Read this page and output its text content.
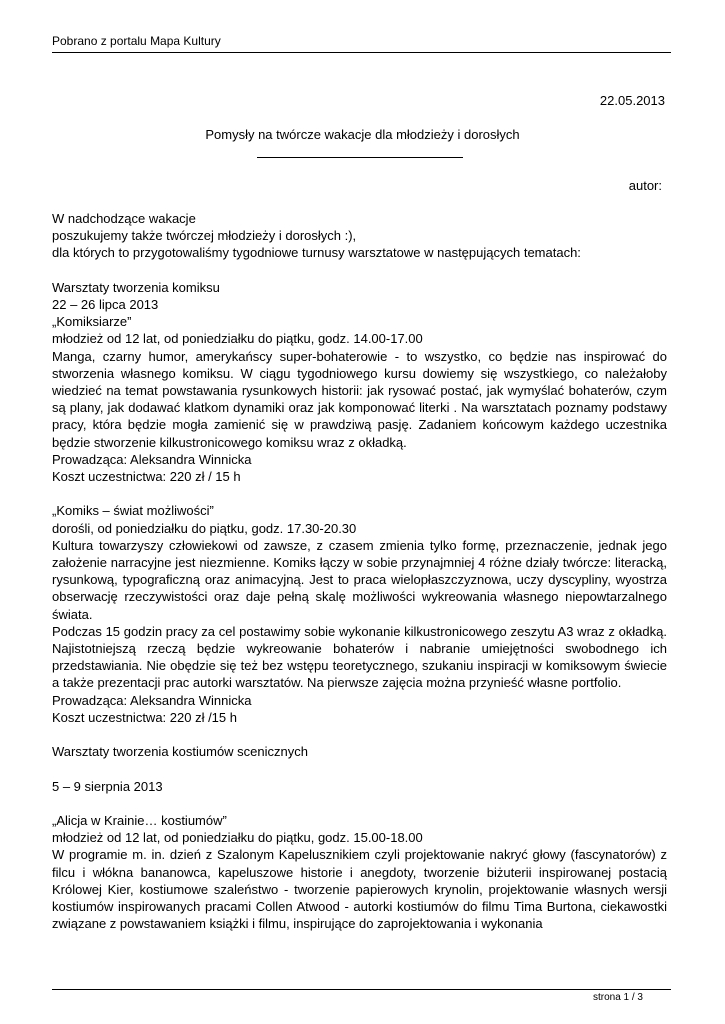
Pobrano z portalu Mapa Kultury
22.05.2013
Pomysły na twórcze wakacje dla młodzieży i dorosłych
autor:

W nadchodzące wakacje

poszukujemy także twórczej młodzieży i dorosłych :),

dla których to przygotowaliśmy tygodniowe turnusy warsztatowe w następujących tematach:

Warsztaty tworzenia komiksu

22 – 26 lipca 2013

„Komiksiarze”

młodzież od 12 lat, od poniedziałku do piątku, godz. 14.00-17.00

Manga, czarny humor, amerykańscy super-bohaterowie - to wszystko, co będzie nas inspirować do stworzenia własnego komiksu. W ciągu tygodniowego kursu dowiemy się wszystkiego, co należałoby wiedzieć na temat powstawania rysunkowych historii: jak rysować postać, jak wymyślać bohaterów, czym są plany, jak dodawać klatkom dynamiki oraz jak komponować literki . Na warsztatach poznamy podstawy pracy, która będzie mogła zamienić się w prawdziwą pasję. Zadaniem końcowym każdego uczestnika będzie stworzenie kilkustronicowego komiksu wraz z okładką.

Prowadząca: Aleksandra Winnicka

Koszt uczestnictwa: 220 zł / 15 h

„Komiks – świat możliwości”

dorośli, od poniedziałku do piątku, godz. 17.30-20.30

Kultura towarzyszy człowiekowi od zawsze, z czasem zmienia tylko formę, przeznaczenie, jednak jego założenie narracyjne jest niezmienne. Komiks łączy w sobie przynajmniej 4 różne działy twórcze: literacką, rysunkową, typograficzną oraz animacyjną. Jest to praca wielopłaszczyznowa, uczy dyscypliny, wyostrza obserwację rzeczywistości oraz daje pełną skalę możliwości wykreowania własnego niepowtarzalnego świata.

Podczas 15 godzin pracy za cel postawimy sobie wykonanie kilkustronicowego zeszytu A3 wraz z okładką. Najistotniejszą rzeczą będzie wykreowanie bohaterów i nabranie umiejętności swobodnego ich przedstawiania. Nie obędzie się też bez wstępu teoretycznego, szukaniu inspiracji w komiksowym świecie a także prezentacji prac autorki warsztatów. Na pierwsze zajęcia można przynieść własne portfolio.

Prowadząca: Aleksandra Winnicka

Koszt uczestnictwa: 220 zł /15 h

Warsztaty tworzenia kostiumów scenicznych

5 – 9 sierpnia 2013

„Alicja w Krainie… kostiumów”

młodzież od 12 lat, od poniedziałku do piątku, godz. 15.00-18.00

W programie m. in. dzień z Szalonym Kapelusznikiem czyli projektowanie nakryć głowy (fascynatorów) z filcu i włókna bananowca, kapeluszowe historie i anegdoty, tworzenie biżuterii inspirowanej postacią Królowej Kier, kostiumowe szaleństwo - tworzenie papierowych krynolin, projektowanie własnych wersji kostiumów inspirowanych pracami Collen Atwood - autorki kostiumów do filmu Tima Burtona, ciekawostki związane z powstawaniem książki i filmu, inspirujące do zaprojektowania i wykonania

strona 1 / 3
